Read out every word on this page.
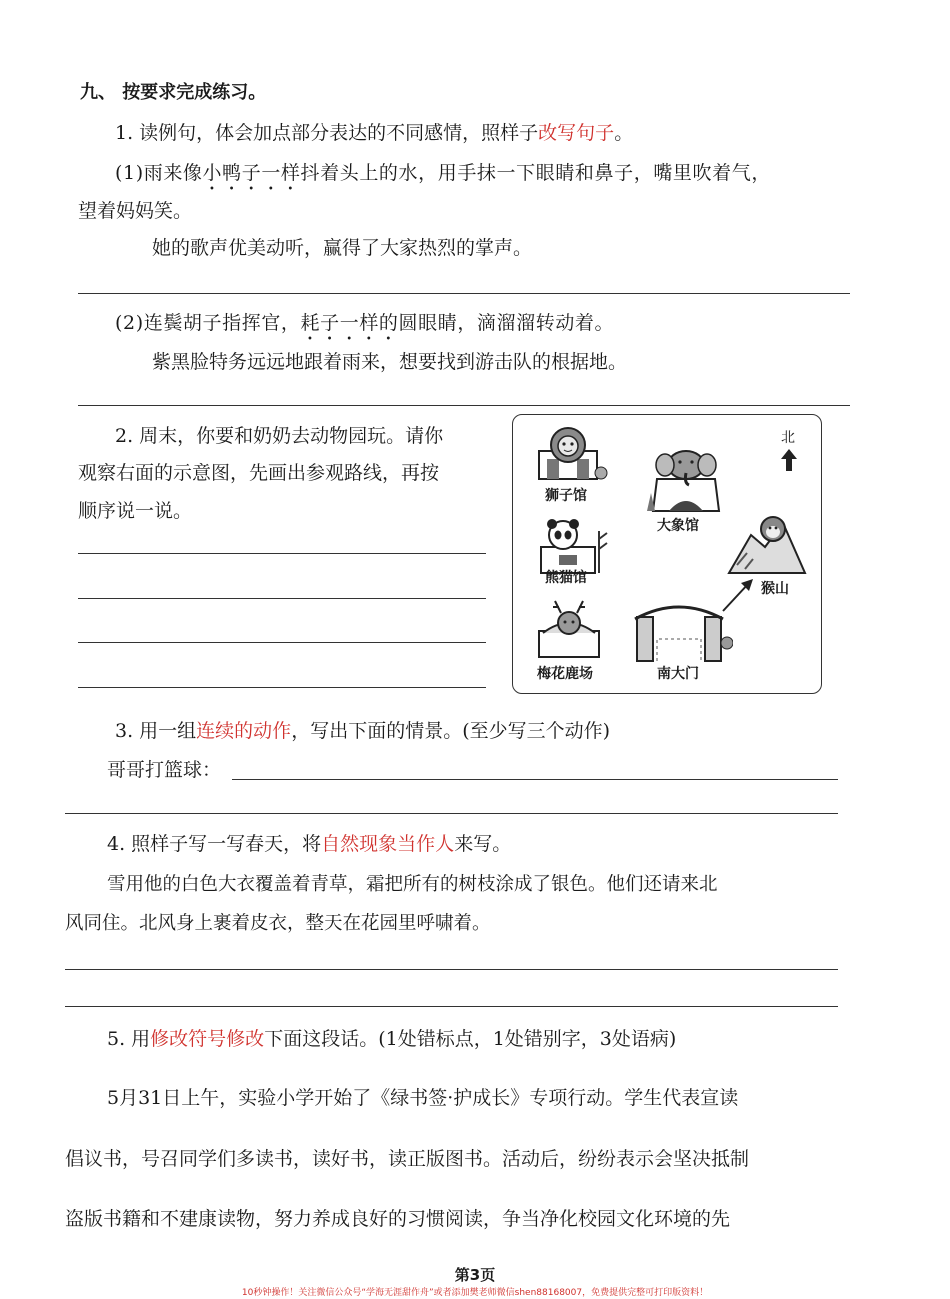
九、 按要求完成练习。
1. 读例句，体会加点部分表达的不同感情，照样子改写句子。
(1)雨来像小鸭子一样抖着头上的水，用手抹一下眼睛和鼻子，嘴里吹着气，
望着妈妈笑。
她的歌声优美动听，赢得了大家热烈的掌声。
(2)连鬓胡子指挥官，耗子一样的圆眼睛，滴溜溜转动着。
紫黑脸特务远远地跟着雨来，想要找到游击队的根据地。
2. 周末，你要和奶奶去动物园玩。请你
观察右面的示意图，先画出参观路线，再按
顺序说一说。
北
狮子馆
大象馆
熊猫馆
猴山
梅花鹿场	南大门
3. 用一组连续的动作，写出下面的情景。(至少写三个动作)
哥哥打篮球：
4. 照样子写一写春天，将自然现象当作人来写。
雪用他的白色大衣覆盖着青草，霜把所有的树枝涂成了银色。他们还请来北
风同住。北风身上裹着皮衣，整天在花园里呼啸着。
5. 用修改符号修改下面这段话。(1处错标点，1处错别字，3处语病)
5月31日上午，实验小学开始了《绿书签·护成长》专项行动。学生代表宣读
倡议书，号召同学们多读书，读好书，读正版图书。活动后，纷纷表示会坚决抵制
盗版书籍和不建康读物，努力养成良好的习惯阅读，争当净化校园文化环境的先
第3页
10秒钟操作！关注微信公众号“学海无涯甜作舟”或者添加樊老师微信shen88168007，免费提供完整可打印版资料！
